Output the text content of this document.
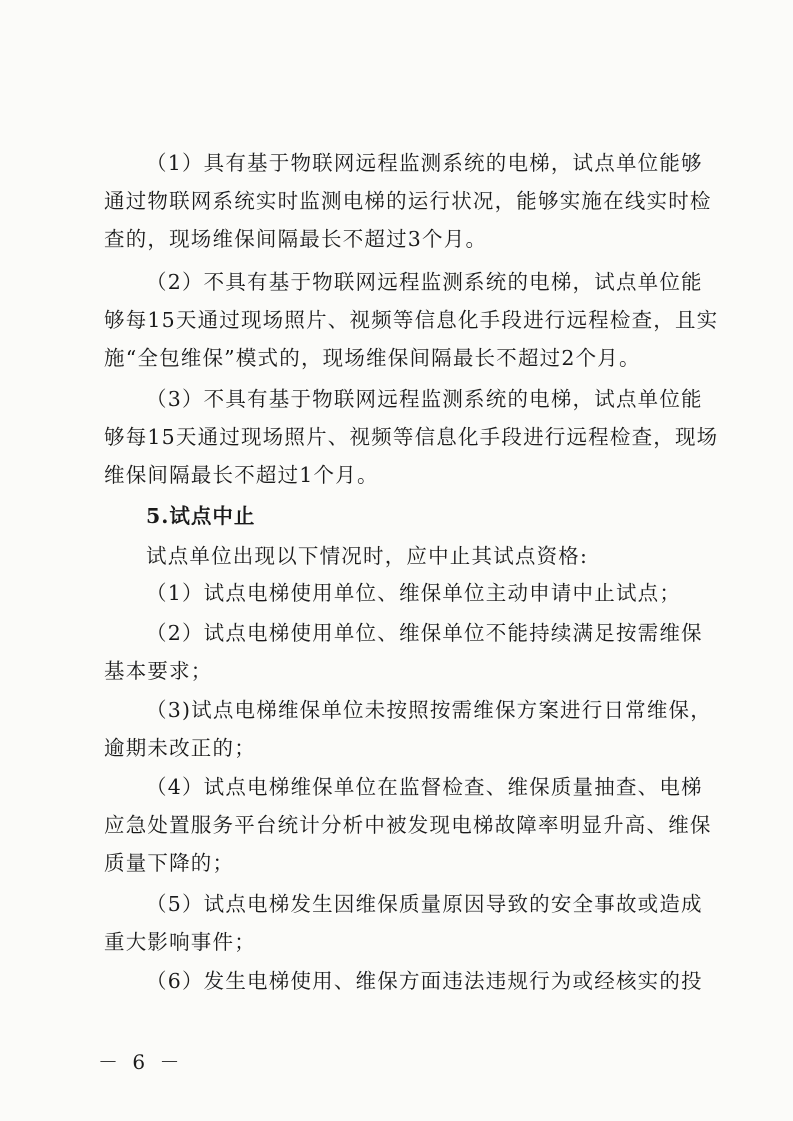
（1）具有基于物联网远程监测系统的电梯，试点单位能够
通过物联网系统实时监测电梯的运行状况，能够实施在线实时检
查的，现场维保间隔最长不超过3个月。

（2）不具有基于物联网远程监测系统的电梯，试点单位能
够每15天通过现场照片、视频等信息化手段进行远程检查，且实
施“全包维保”模式的，现场维保间隔最长不超过2个月。

（3）不具有基于物联网远程监测系统的电梯，试点单位能
够每15天通过现场照片、视频等信息化手段进行远程检查，现场
维保间隔最长不超过1个月。

5.试点中止

试点单位出现以下情况时，应中止其试点资格:

（1）试点电梯使用单位、维保单位主动申请中止试点；

（2）试点电梯使用单位、维保单位不能持续满足按需维保
基本要求；

（3)试点电梯维保单位未按照按需维保方案进行日常维保，
逾期未改正的；

（4）试点电梯维保单位在监督检查、维保质量抽查、电梯
应急处置服务平台统计分析中被发现电梯故障率明显升高、维保
质量下降的；

（5）试点电梯发生因维保质量原因导致的安全事故或造成
重大影响事件；

（6）发生电梯使用、维保方面违法违规行为或经核实的投

－ 6 －
